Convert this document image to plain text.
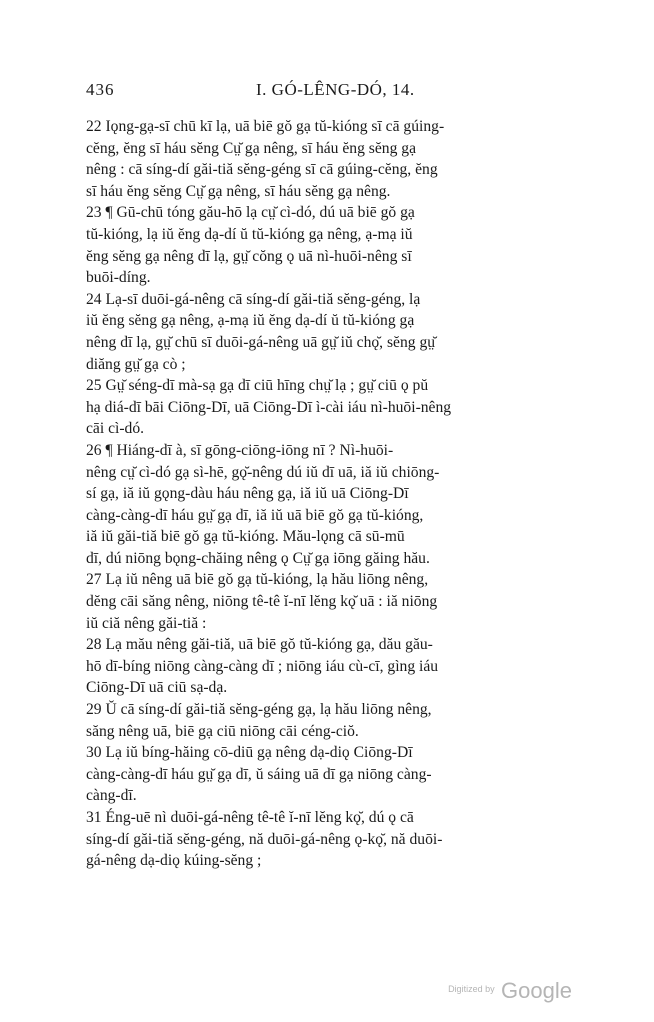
436	I. GÓ-LÊNG-DÓ, 14.
22 Iǫng-gạ-sī chū kī lạ, uā biē gŏ gạ tŭ-kióng sī cā gúing-
cĕng, ĕng sī háu sĕng Cṳ̆ gạ nêng, sī háu ĕng sĕng gạ
nêng : cā síng-dí găi-tiă sĕng-géng sī cā gúing-cĕng, ĕng
sī háu ĕng sĕng Cṳ̆ gạ nêng, sī háu sĕng gạ nêng.
23 ¶ Gū-chū tóng gău-hō lạ cṳ̆ cì-dó, dú uā biē gŏ gạ
tŭ-kióng, lạ iŭ ĕng dạ-dí ŭ tŭ-kióng gạ nêng, ạ-mạ iŭ
ĕng sĕng gạ nêng dī lạ, gṳ̆ cŏng ǫ uā nì-huōi-nêng sī
buōi-díng.
24 Lạ-sī duōi-gá-nêng cā síng-dí găi-tiă sĕng-géng, lạ
iŭ ĕng sĕng gạ nêng, ạ-mạ iŭ ĕng dạ-dí ŭ tŭ-kióng gạ
nêng dī lạ, gṳ̆ chū sī duōi-gá-nêng uā gṳ̆ iŭ chǫ̆, sĕng gṳ̆
diăng gṳ̆ gạ cò ;
25 Gṳ̆ séng-dī mà-sạ gạ dī ciū hīng chṳ̆ lạ ; gṳ̆ ciū ǫ pŭ
hạ diá-dī bāi Ciōng-Dī, uā Ciōng-Dī ì-cài iáu nì-huōi-nêng
cāi cì-dó.
26 ¶ Hiáng-dī à, sī gōng-ciōng-iōng nī ? Nì-huōi-
nêng cṳ̆ cì-dó gạ sì-hē, gǫ̆-nêng dú iŭ dī uā, iă iŭ chiōng-
sí gạ, iă iŭ gǫng-dàu háu nêng gạ, iă iŭ uā Ciōng-Dī
càng-càng-dī háu gṳ̆ gạ dī, iă iŭ uā biē gŏ gạ tŭ-kióng,
iă iŭ găi-tiă biē gŏ gạ tŭ-kióng. Mău-lǫng cā sū-mū
dī, dú niōng bǫng-chăing nêng ǫ Cṳ̆ gạ iōng găing hău.
27 Lạ iŭ nêng uā biē gŏ gạ tŭ-kióng, lạ hău liōng nêng,
dĕng cāi săng nêng, niōng tê-tê ĭ-nī lĕng kǫ̆ uā : iă niōng
iŭ ciă nêng găi-tiă :
28 Lạ mău nêng găi-tiă, uā biē gŏ tŭ-kióng gạ, dău gău-
hō dī-bíng niōng càng-càng dī ; niōng iáu cù-cī, gìng iáu
Ciōng-Dī uā ciū sạ-dạ.
29 Ŭ cā síng-dí găi-tiă sĕng-géng gạ, lạ hău liōng nêng,
săng nêng uā, biē gạ ciū niōng cāi céng-ciŏ.
30 Lạ iŭ bíng-hăing cō-diū gạ nêng dạ-diǫ Ciōng-Dī
càng-càng-dī háu gṳ̆ gạ dī, ŭ sáing uā dī gạ niōng càng-
càng-dī.
31 Éng-uē nì duōi-gá-nêng tê-tê ĭ-nī lĕng kǫ̆, dú ǫ cā
síng-dí găi-tiă sĕng-géng, nă duōi-gá-nêng ǫ-kǫ̆, nă duōi-
gá-nêng dạ-diǫ kúing-sĕng ;
$^{Digitized by}$ Google
